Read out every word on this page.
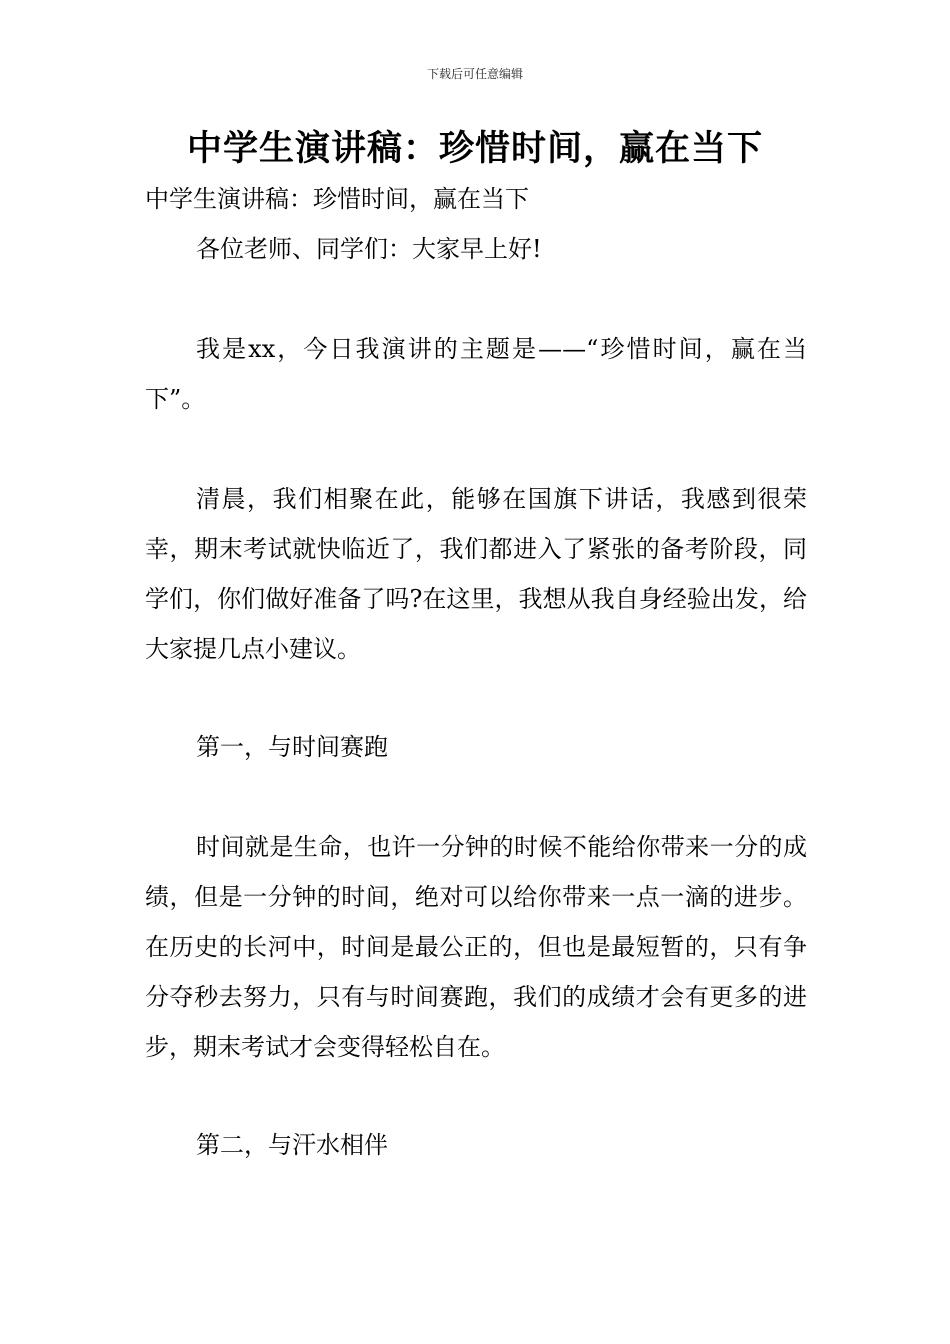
下载后可任意编辑
中学生演讲稿：珍惜时间，赢在当下
中学生演讲稿：珍惜时间，赢在当下
各位老师、同学们：大家早上好!
我是xx，今日我演讲的主题是——“珍惜时间，赢在当下”。
清晨，我们相聚在此，能够在国旗下讲话，我感到很荣幸，期末考试就快临近了，我们都进入了紧张的备考阶段，同学们，你们做好准备了吗?在这里，我想从我自身经验出发，给大家提几点小建议。
第一，与时间赛跑
时间就是生命，也许一分钟的时候不能给你带来一分的成绩，但是一分钟的时间，绝对可以给你带来一点一滴的进步。在历史的长河中，时间是最公正的，但也是最短暂的，只有争分夺秒去努力，只有与时间赛跑，我们的成绩才会有更多的进步，期末考试才会变得轻松自在。
第二，与汗水相伴
